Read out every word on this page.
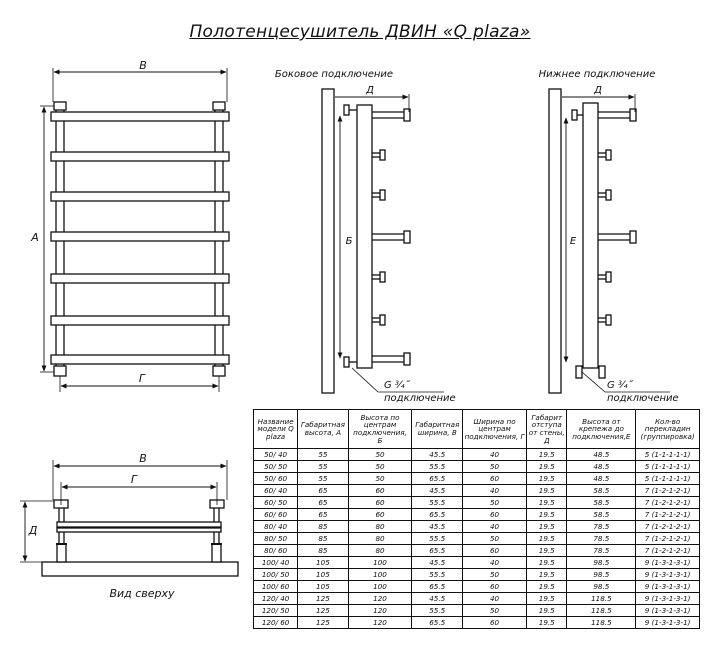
Полотенцесушитель ДВИН «Q plaza»
В
А
Г
Боковое подключение
Д
Б
G ¾˝
подключение
Нижнее подключение
Д
Е
G ¾˝
подключение
В
Г
Д
Вид сверху
Название модели Q plaza	Габаритная высота, А	Высота по центрам подключения, Б	Габаритная ширина, В	Ширина по центрам подключения, Г	Габарит отступа от стены, Д	Высота от крепежа до подключения,Е	Кол-во перекладин (группировка)
50/ 40	55	50	45.5	40	19.5	48.5	5 (1-1-1-1-1)
50/ 50	55	50	55.5	50	19.5	48.5	5 (1-1-1-1-1)
50/ 60	55	50	65.5	60	19.5	48.5	5 (1-1-1-1-1)
60/ 40	65	60	45.5	40	19.5	58.5	7 (1-2-1-2-1)
60/ 50	65	60	55.5	50	19.5	58.5	7 (1-2-1-2-1)
60/ 60	65	60	65.5	60	19.5	58.5	7 (1-2-1-2-1)
80/ 40	85	80	45.5	40	19.5	78.5	7 (1-2-1-2-1)
80/ 50	85	80	55.5	50	19.5	78.5	7 (1-2-1-2-1)
80/ 60	85	80	65.5	60	19.5	78.5	7 (1-2-1-2-1)
100/ 40	105	100	45.5	40	19.5	98.5	9 (1-3-1-3-1)
100/ 50	105	100	55.5	50	19.5	98.5	9 (1-3-1-3-1)
100/ 60	105	100	65.5	60	19.5	98.5	9 (1-3-1-3-1)
120/ 40	125	120	45.5	40	19.5	118.5	9 (1-3-1-3-1)
120/ 50	125	120	55.5	50	19.5	118.5	9 (1-3-1-3-1)
120/ 60	125	120	65.5	60	19.5	118.5	9 (1-3-1-3-1)
